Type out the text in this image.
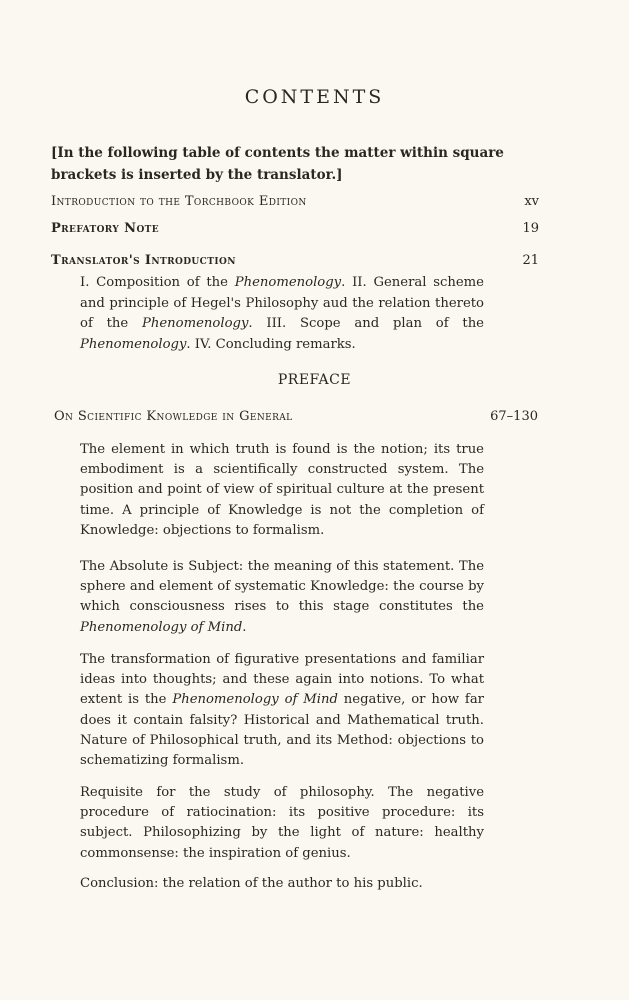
CONTENTS
[In the following table of contents the matter within square brackets is inserted by the translator.]
Introduction to the Torchbook Edition	xv
Prefatory Note	19
Translator's Introduction	21
I. Composition of the Phenomenology. II. General scheme and principle of Hegel's Philosophy aud the relation thereto of the Phenomenology. III. Scope and plan of the Phenomenology. IV. Concluding remarks.
PREFACE
On Scientific Knowledge in General	67–130
The element in which truth is found is the notion; its true embodiment is a scientifically constructed system. The position and point of view of spiritual culture at the present time. A principle of Knowledge is not the completion of Knowledge: objections to formalism.
The Absolute is Subject: the meaning of this statement. The sphere and element of systematic Knowledge: the course by which consciousness rises to this stage constitutes the Phenomenology of Mind.
The transformation of figurative presentations and familiar ideas into thoughts; and these again into notions. To what extent is the Phenomenology of Mind negative, or how far does it contain falsity? Historical and Mathematical truth. Nature of Philosophical truth, and its Method: objections to schematizing formalism.
Requisite for the study of philosophy. The negative procedure of ratiocination: its positive procedure: its subject. Philosophizing by the light of nature: healthy commonsense: the inspiration of genius.
Conclusion: the relation of the author to his public.
